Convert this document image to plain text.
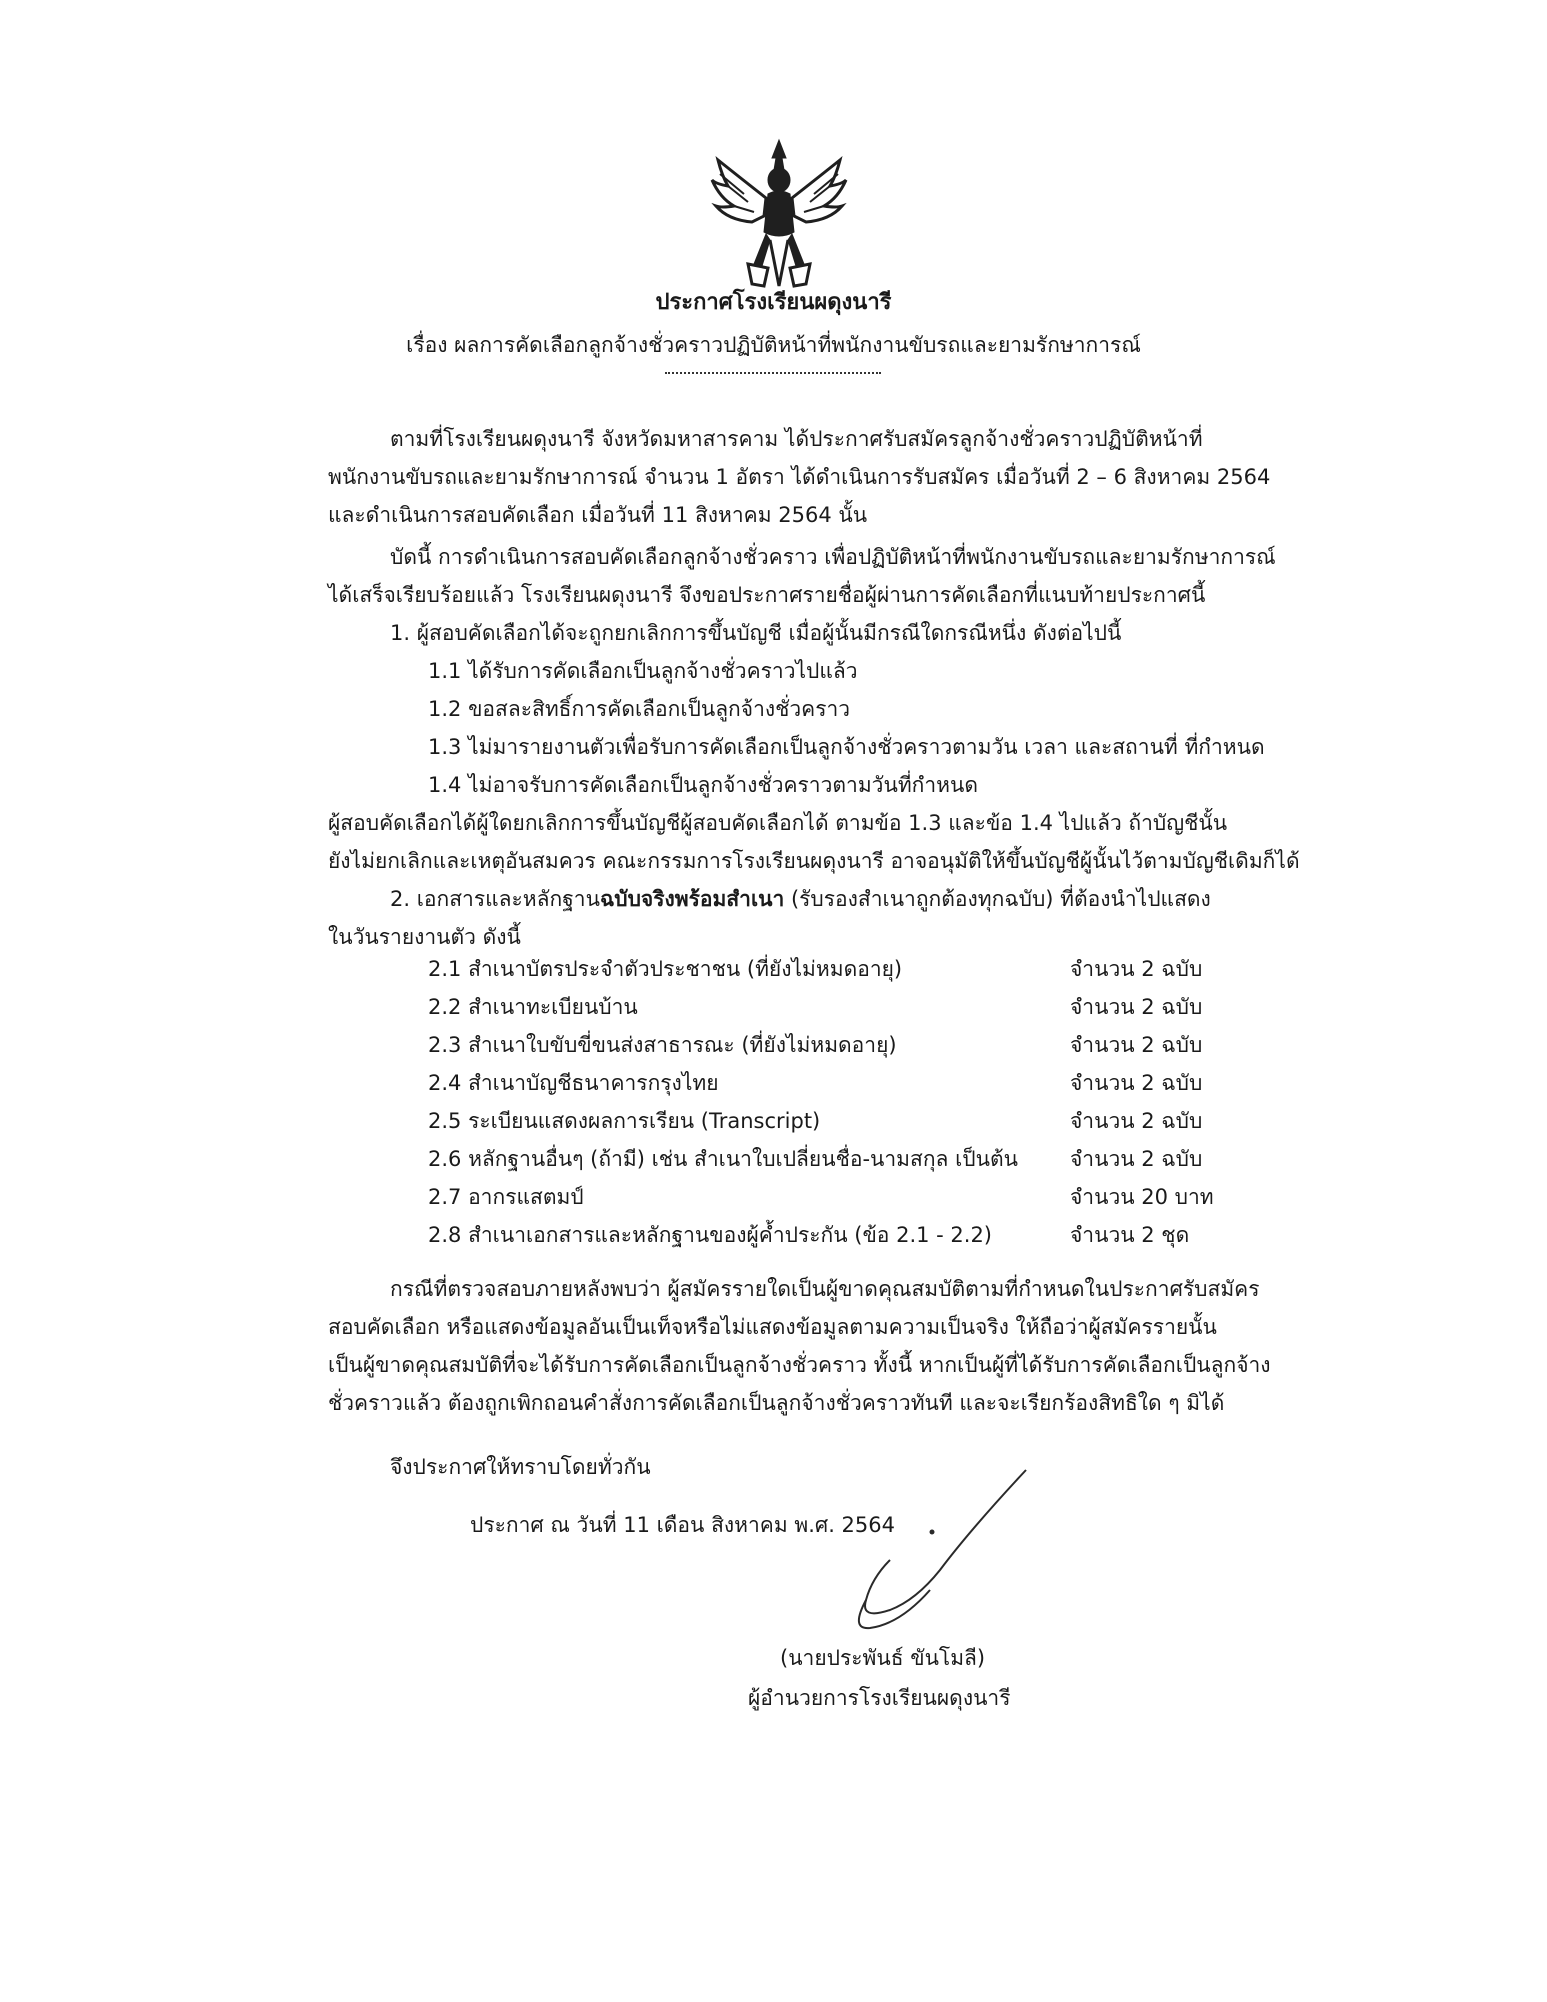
ประกาศโรงเรียนผดุงนารี
เรื่อง ผลการคัดเลือกลูกจ้างชั่วคราวปฏิบัติหน้าที่พนักงานขับรถและยามรักษาการณ์
ตามที่โรงเรียนผดุงนารี จังหวัดมหาสารคาม ได้ประกาศรับสมัครลูกจ้างชั่วคราวปฏิบัติหน้าที่
พนักงานขับรถและยามรักษาการณ์ จำนวน 1 อัตรา ได้ดำเนินการรับสมัคร เมื่อวันที่ 2 – 6 สิงหาคม 2564
และดำเนินการสอบคัดเลือก เมื่อวันที่ 11 สิงหาคม 2564 นั้น
บัดนี้ การดำเนินการสอบคัดเลือกลูกจ้างชั่วคราว เพื่อปฏิบัติหน้าที่พนักงานขับรถและยามรักษาการณ์
ได้เสร็จเรียบร้อยแล้ว โรงเรียนผดุงนารี จึงขอประกาศรายชื่อผู้ผ่านการคัดเลือกที่แนบท้ายประกาศนี้
1. ผู้สอบคัดเลือกได้จะถูกยกเลิกการขึ้นบัญชี เมื่อผู้นั้นมีกรณีใดกรณีหนึ่ง ดังต่อไปนี้
1.1 ได้รับการคัดเลือกเป็นลูกจ้างชั่วคราวไปแล้ว
1.2 ขอสละสิทธิ์การคัดเลือกเป็นลูกจ้างชั่วคราว
1.3 ไม่มารายงานตัวเพื่อรับการคัดเลือกเป็นลูกจ้างชั่วคราวตามวัน เวลา และสถานที่ ที่กำหนด
1.4 ไม่อาจรับการคัดเลือกเป็นลูกจ้างชั่วคราวตามวันที่กำหนด
ผู้สอบคัดเลือกได้ผู้ใดยกเลิกการขึ้นบัญชีผู้สอบคัดเลือกได้ ตามข้อ 1.3 และข้อ 1.4 ไปแล้ว ถ้าบัญชีนั้น
ยังไม่ยกเลิกและเหตุอันสมควร คณะกรรมการโรงเรียนผดุงนารี อาจอนุมัติให้ขึ้นบัญชีผู้นั้นไว้ตามบัญชีเดิมก็ได้
2. เอกสารและหลักฐานฉบับจริงพร้อมสำเนา (รับรองสำเนาถูกต้องทุกฉบับ) ที่ต้องนำไปแสดง
ในวันรายงานตัว ดังนี้
2.1 สำเนาบัตรประจำตัวประชาชน (ที่ยังไม่หมดอายุ)	จำนวน 2 ฉบับ
2.2 สำเนาทะเบียนบ้าน	จำนวน 2 ฉบับ
2.3 สำเนาใบขับขี่ขนส่งสาธารณะ (ที่ยังไม่หมดอายุ)	จำนวน 2 ฉบับ
2.4 สำเนาบัญชีธนาคารกรุงไทย	จำนวน 2 ฉบับ
2.5 ระเบียนแสดงผลการเรียน (Transcript)	จำนวน 2 ฉบับ
2.6 หลักฐานอื่นๆ (ถ้ามี) เช่น สำเนาใบเปลี่ยนชื่อ-นามสกุล เป็นต้น จำนวน 2 ฉบับ
2.7 อากรแสตมป์	จำนวน 20 บาท
2.8 สำเนาเอกสารและหลักฐานของผู้ค้ำประกัน (ข้อ 2.1 - 2.2)	จำนวน 2 ชุด
กรณีที่ตรวจสอบภายหลังพบว่า ผู้สมัครรายใดเป็นผู้ขาดคุณสมบัติตามที่กำหนดในประกาศรับสมัคร
สอบคัดเลือก หรือแสดงข้อมูลอันเป็นเท็จหรือไม่แสดงข้อมูลตามความเป็นจริง ให้ถือว่าผู้สมัครรายนั้น
เป็นผู้ขาดคุณสมบัติที่จะได้รับการคัดเลือกเป็นลูกจ้างชั่วคราว ทั้งนี้ หากเป็นผู้ที่ได้รับการคัดเลือกเป็นลูกจ้าง
ชั่วคราวแล้ว ต้องถูกเพิกถอนคำสั่งการคัดเลือกเป็นลูกจ้างชั่วคราวทันที และจะเรียกร้องสิทธิใด ๆ มิได้
จึงประกาศให้ทราบโดยทั่วกัน
ประกาศ ณ วันที่ 11 เดือน สิงหาคม พ.ศ. 2564
(นายประพันธ์ ขันโมลี)
ผู้อำนวยการโรงเรียนผดุงนารี
